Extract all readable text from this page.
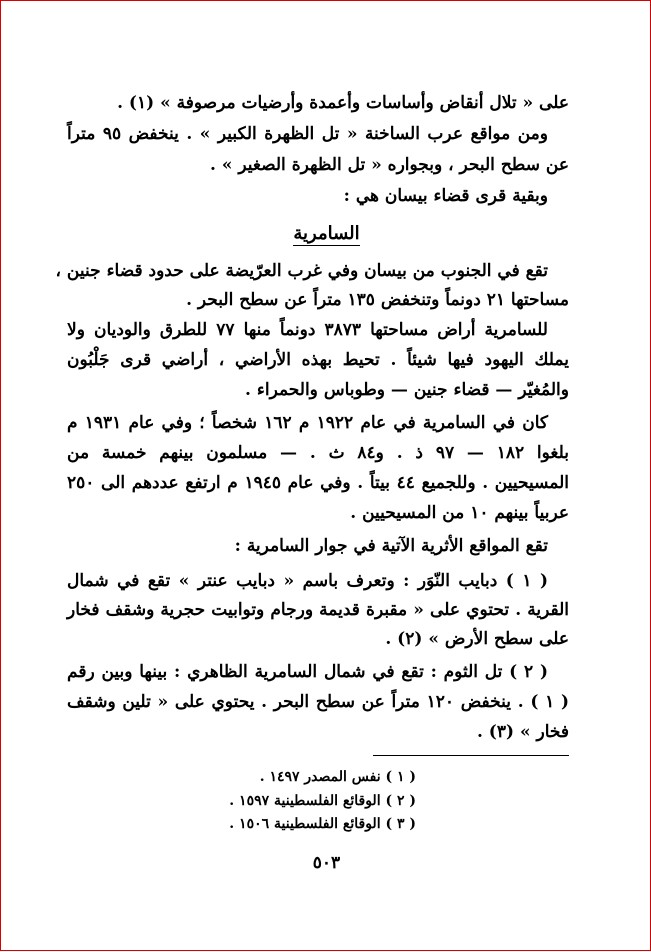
على « تلال أنقاض وأساسات وأعمدة وأرضيات مرصوفة » (١) .
ومن مواقع عرب الساخنة « تل الظهرة الكبير » . ينخفض ٩٥ متراً
عن سطح البحر ، وبجواره « تل الظهرة الصغير » .
وبقية قرى قضاء بيسان هي :
السامرية
تقع في الجنوب من بيسان وفي غرب العرّيضة على حدود قضاء جنين ،
مساحتها ٢١ دونماً وتنخفض ١٣٥ متراً عن سطح البحر .
للسامرية أراض مساحتها ٣٨٧٣ دونماً منها ٧٧ للطرق والوديان ولا
يملك اليهود فيها شيئاً . تحيط بهذه الأراضي ، أراضي قرى جَلْبُون
والمُغيّر — قضاء جنين — وطوباس والحمراء .
كان في السامرية في عام ١٩٢٢ م ١٦٢ شخصاً ؛ وفي عام ١٩٣١ م
بلغوا ١٨٢ — ٩٧ ذ . و٨٤ ث . — مسلمون بينهم خمسة من
المسيحيين . وللجميع ٤٤ بيتاً . وفي عام ١٩٤٥ م ارتفع عددهم الى ٢٥٠
عربياً بينهم ١٠ من المسيحيين .
تقع المواقع الأثرية الآتية في جوار السامرية :
( ١ ) دبايب النّوَر : وتعرف باسم « دبايب عنتر » تقع في شمال
القرية . تحتوي على « مقبرة قديمة ورجام وتوابيت حجرية وشقف فخار
على سطح الأرض » (٢) .
( ٢ ) تل الثوم : تقع في شمال السامرية الظاهري : بينها وبين رقم
( ١ ) . ينخفض ١٢٠ متراً عن سطح البحر . يحتوي على « تلين وشقف
فخار » (٣) .
( ١ ) نفس المصدر ١٤٩٧ .
( ٢ ) الوقائع الفلسطينية ١٥٩٧ .
( ٣ ) الوقائع الفلسطينية ١٥٠٦ .
٥٠٣
